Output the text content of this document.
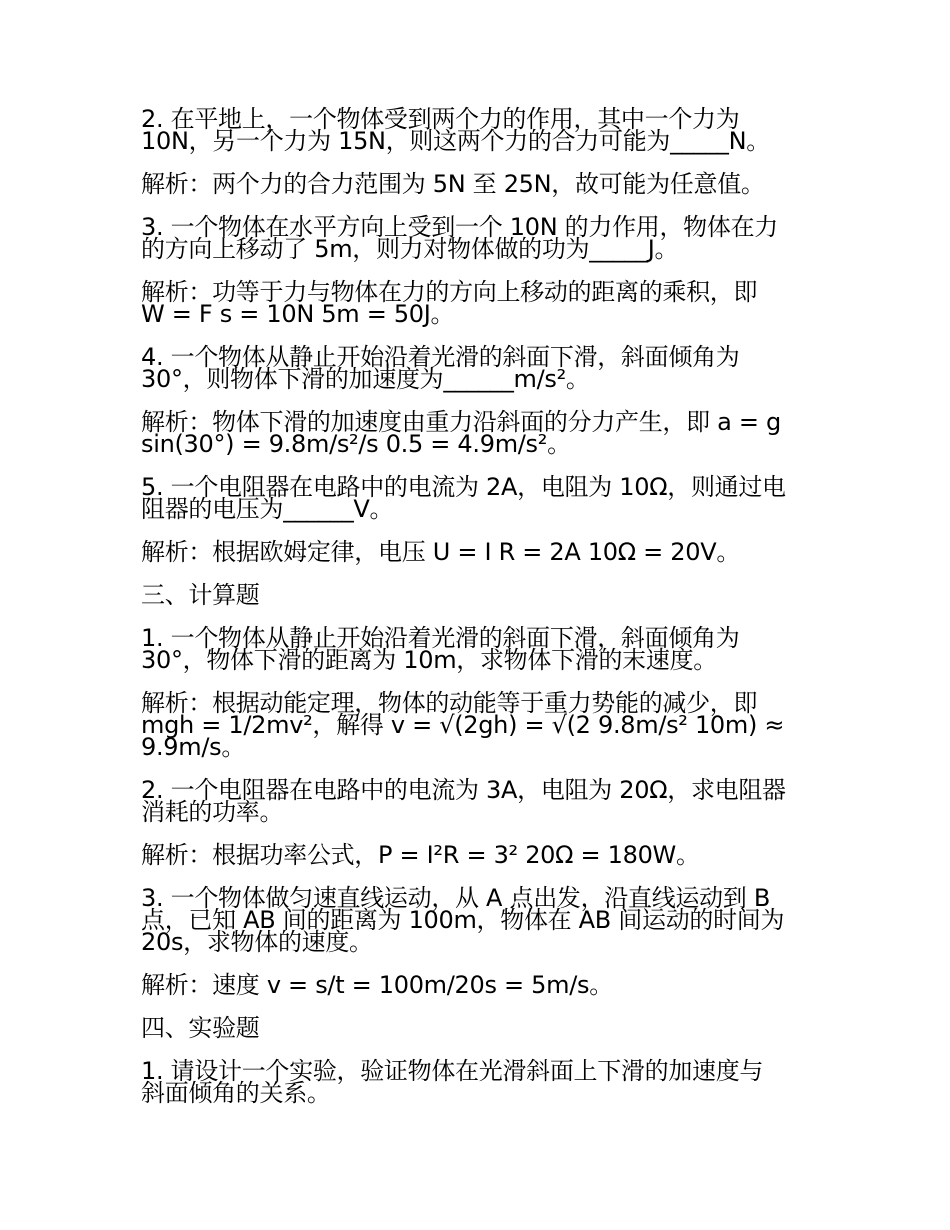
2. 在平地上，一个物体受到两个力的作用，其中一个力为
10N，另一个力为 15N，则这两个力的合力可能为_____N。
解析：两个力的合力范围为 5N 至 25N，故可能为任意值。
3. 一个物体在水平方向上受到一个 10N 的力作用，物体在力
的方向上移动了 5m，则力对物体做的功为_____J。
解析：功等于力与物体在力的方向上移动的距离的乘积，即
W = F s = 10N 5m = 50J。
4. 一个物体从静止开始沿着光滑的斜面下滑，斜面倾角为
30°，则物体下滑的加速度为______m/s²。
解析：物体下滑的加速度由重力沿斜面的分力产生，即 a = g
sin(30°) = 9.8m/s²/s 0.5 = 4.9m/s²。
5. 一个电阻器在电路中的电流为 2A，电阻为 10Ω，则通过电
阻器的电压为______V。
解析：根据欧姆定律，电压 U = I R = 2A 10Ω = 20V。
三、计算题
1. 一个物体从静止开始沿着光滑的斜面下滑，斜面倾角为
30°，物体下滑的距离为 10m，求物体下滑的末速度。
解析：根据动能定理，物体的动能等于重力势能的减少，即
mgh = 1/2mv²，解得 v = √(2gh) = √(2 9.8m/s² 10m) ≈
9.9m/s。
2. 一个电阻器在电路中的电流为 3A，电阻为 20Ω，求电阻器
消耗的功率。
解析：根据功率公式，P = I²R = 3² 20Ω = 180W。
3. 一个物体做匀速直线运动，从 A 点出发，沿直线运动到 B
点，已知 AB 间的距离为 100m，物体在 AB 间运动的时间为
20s，求物体的速度。
解析：速度 v = s/t = 100m/20s = 5m/s。
四、实验题
1. 请设计一个实验，验证物体在光滑斜面上下滑的加速度与
斜面倾角的关系。
